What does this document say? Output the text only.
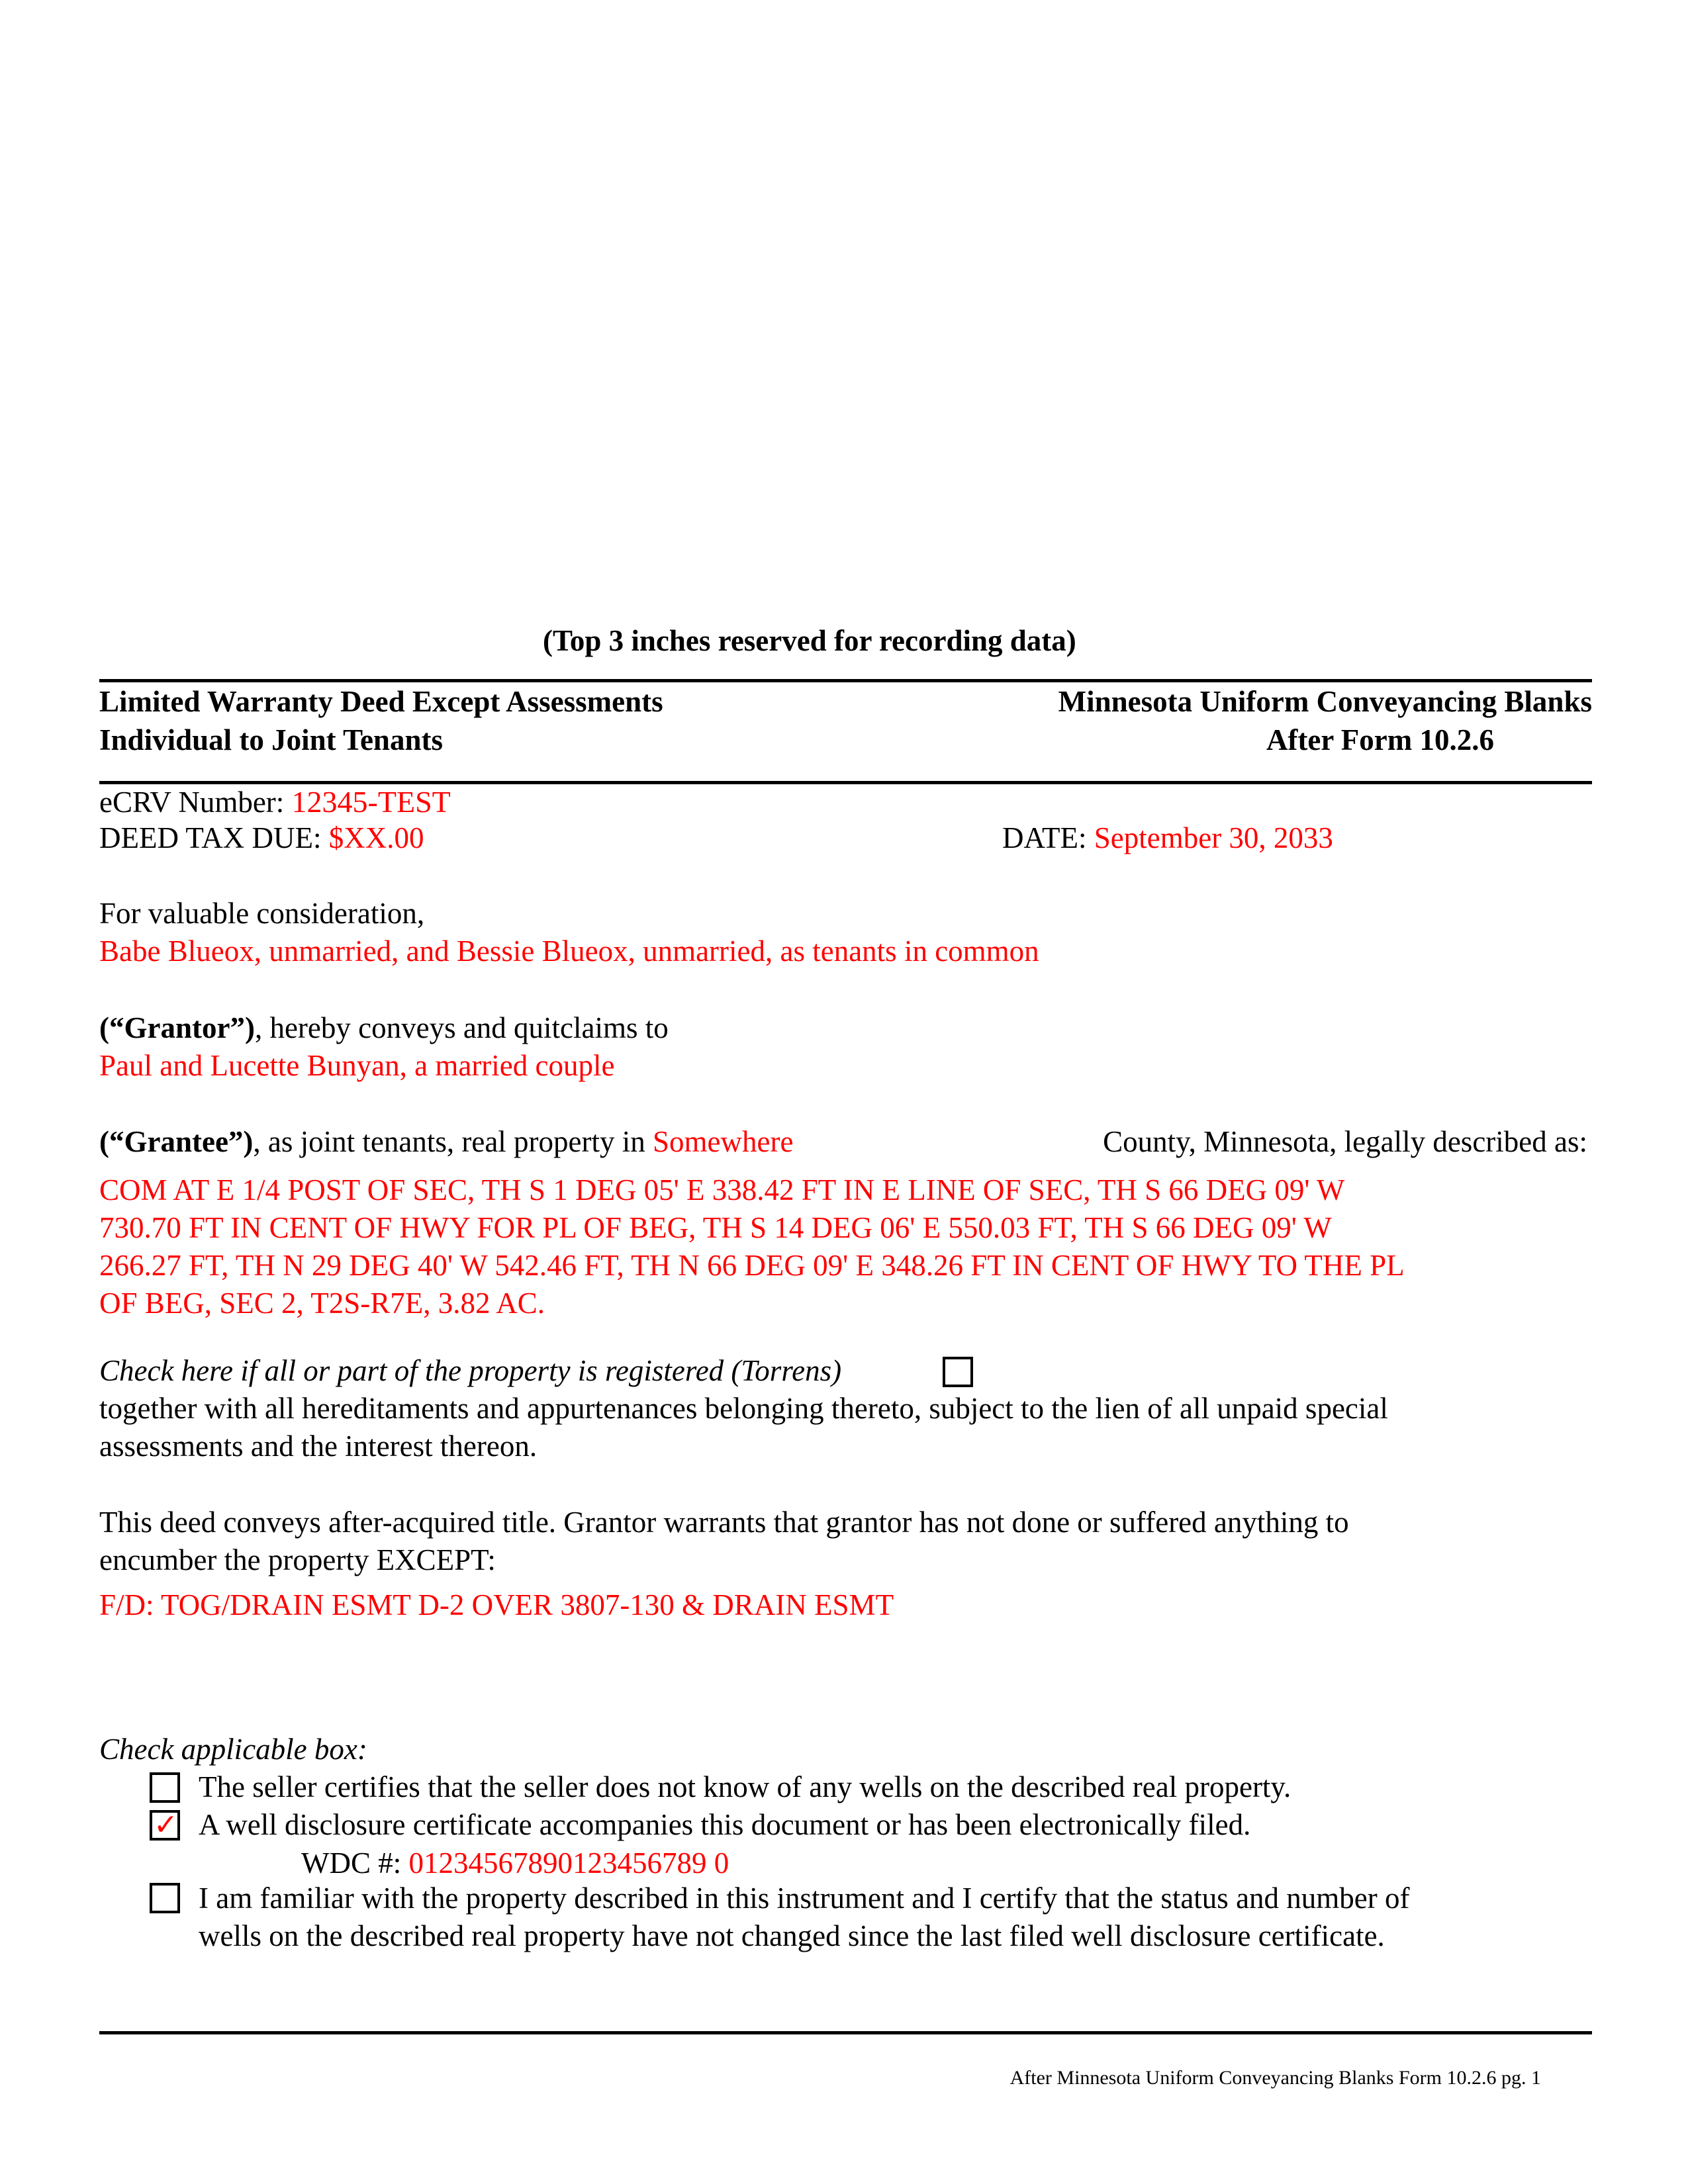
(Top 3 inches reserved for recording data)
Limited Warranty Deed Except Assessments
Individual to Joint Tenants
Minnesota Uniform Conveyancing Blanks
After Form 10.2.6
eCRV Number: 12345-TEST
DEED TAX DUE: $XX.00	DATE: September 30, 2033
For valuable consideration,
Babe Blueox, unmarried, and Bessie Blueox, unmarried, as tenants in common
(“Grantor”), hereby conveys and quitclaims to
Paul and Lucette Bunyan, a married couple
(“Grantee”), as joint tenants, real property in Somewhere	County, Minnesota, legally described as:
COM AT E 1/4 POST OF SEC, TH S 1 DEG 05' E 338.42 FT IN E LINE OF SEC, TH S 66 DEG 09' W
730.70 FT IN CENT OF HWY FOR PL OF BEG, TH S 14 DEG 06' E 550.03 FT, TH S 66 DEG 09' W
266.27 FT, TH N 29 DEG 40' W 542.46 FT, TH N 66 DEG 09' E 348.26 FT IN CENT OF HWY TO THE PL
OF BEG, SEC 2, T2S-R7E, 3.82 AC.
Check here if all or part of the property is registered (Torrens)
together with all hereditaments and appurtenances belonging thereto, subject to the lien of all unpaid special
assessments and the interest thereon.
This deed conveys after-acquired title. Grantor warrants that grantor has not done or suffered anything to
encumber the property EXCEPT:
F/D: TOG/DRAIN ESMT D-2 OVER 3807-130 & DRAIN ESMT
Check applicable box:
The seller certifies that the seller does not know of any wells on the described real property.
✓ A well disclosure certificate accompanies this document or has been electronically filed.
WDC #: 01234567890123456789 0
I am familiar with the property described in this instrument and I certify that the status and number of
wells on the described real property have not changed since the last filed well disclosure certificate.
After Minnesota Uniform Conveyancing Blanks Form 10.2.6 pg. 1
